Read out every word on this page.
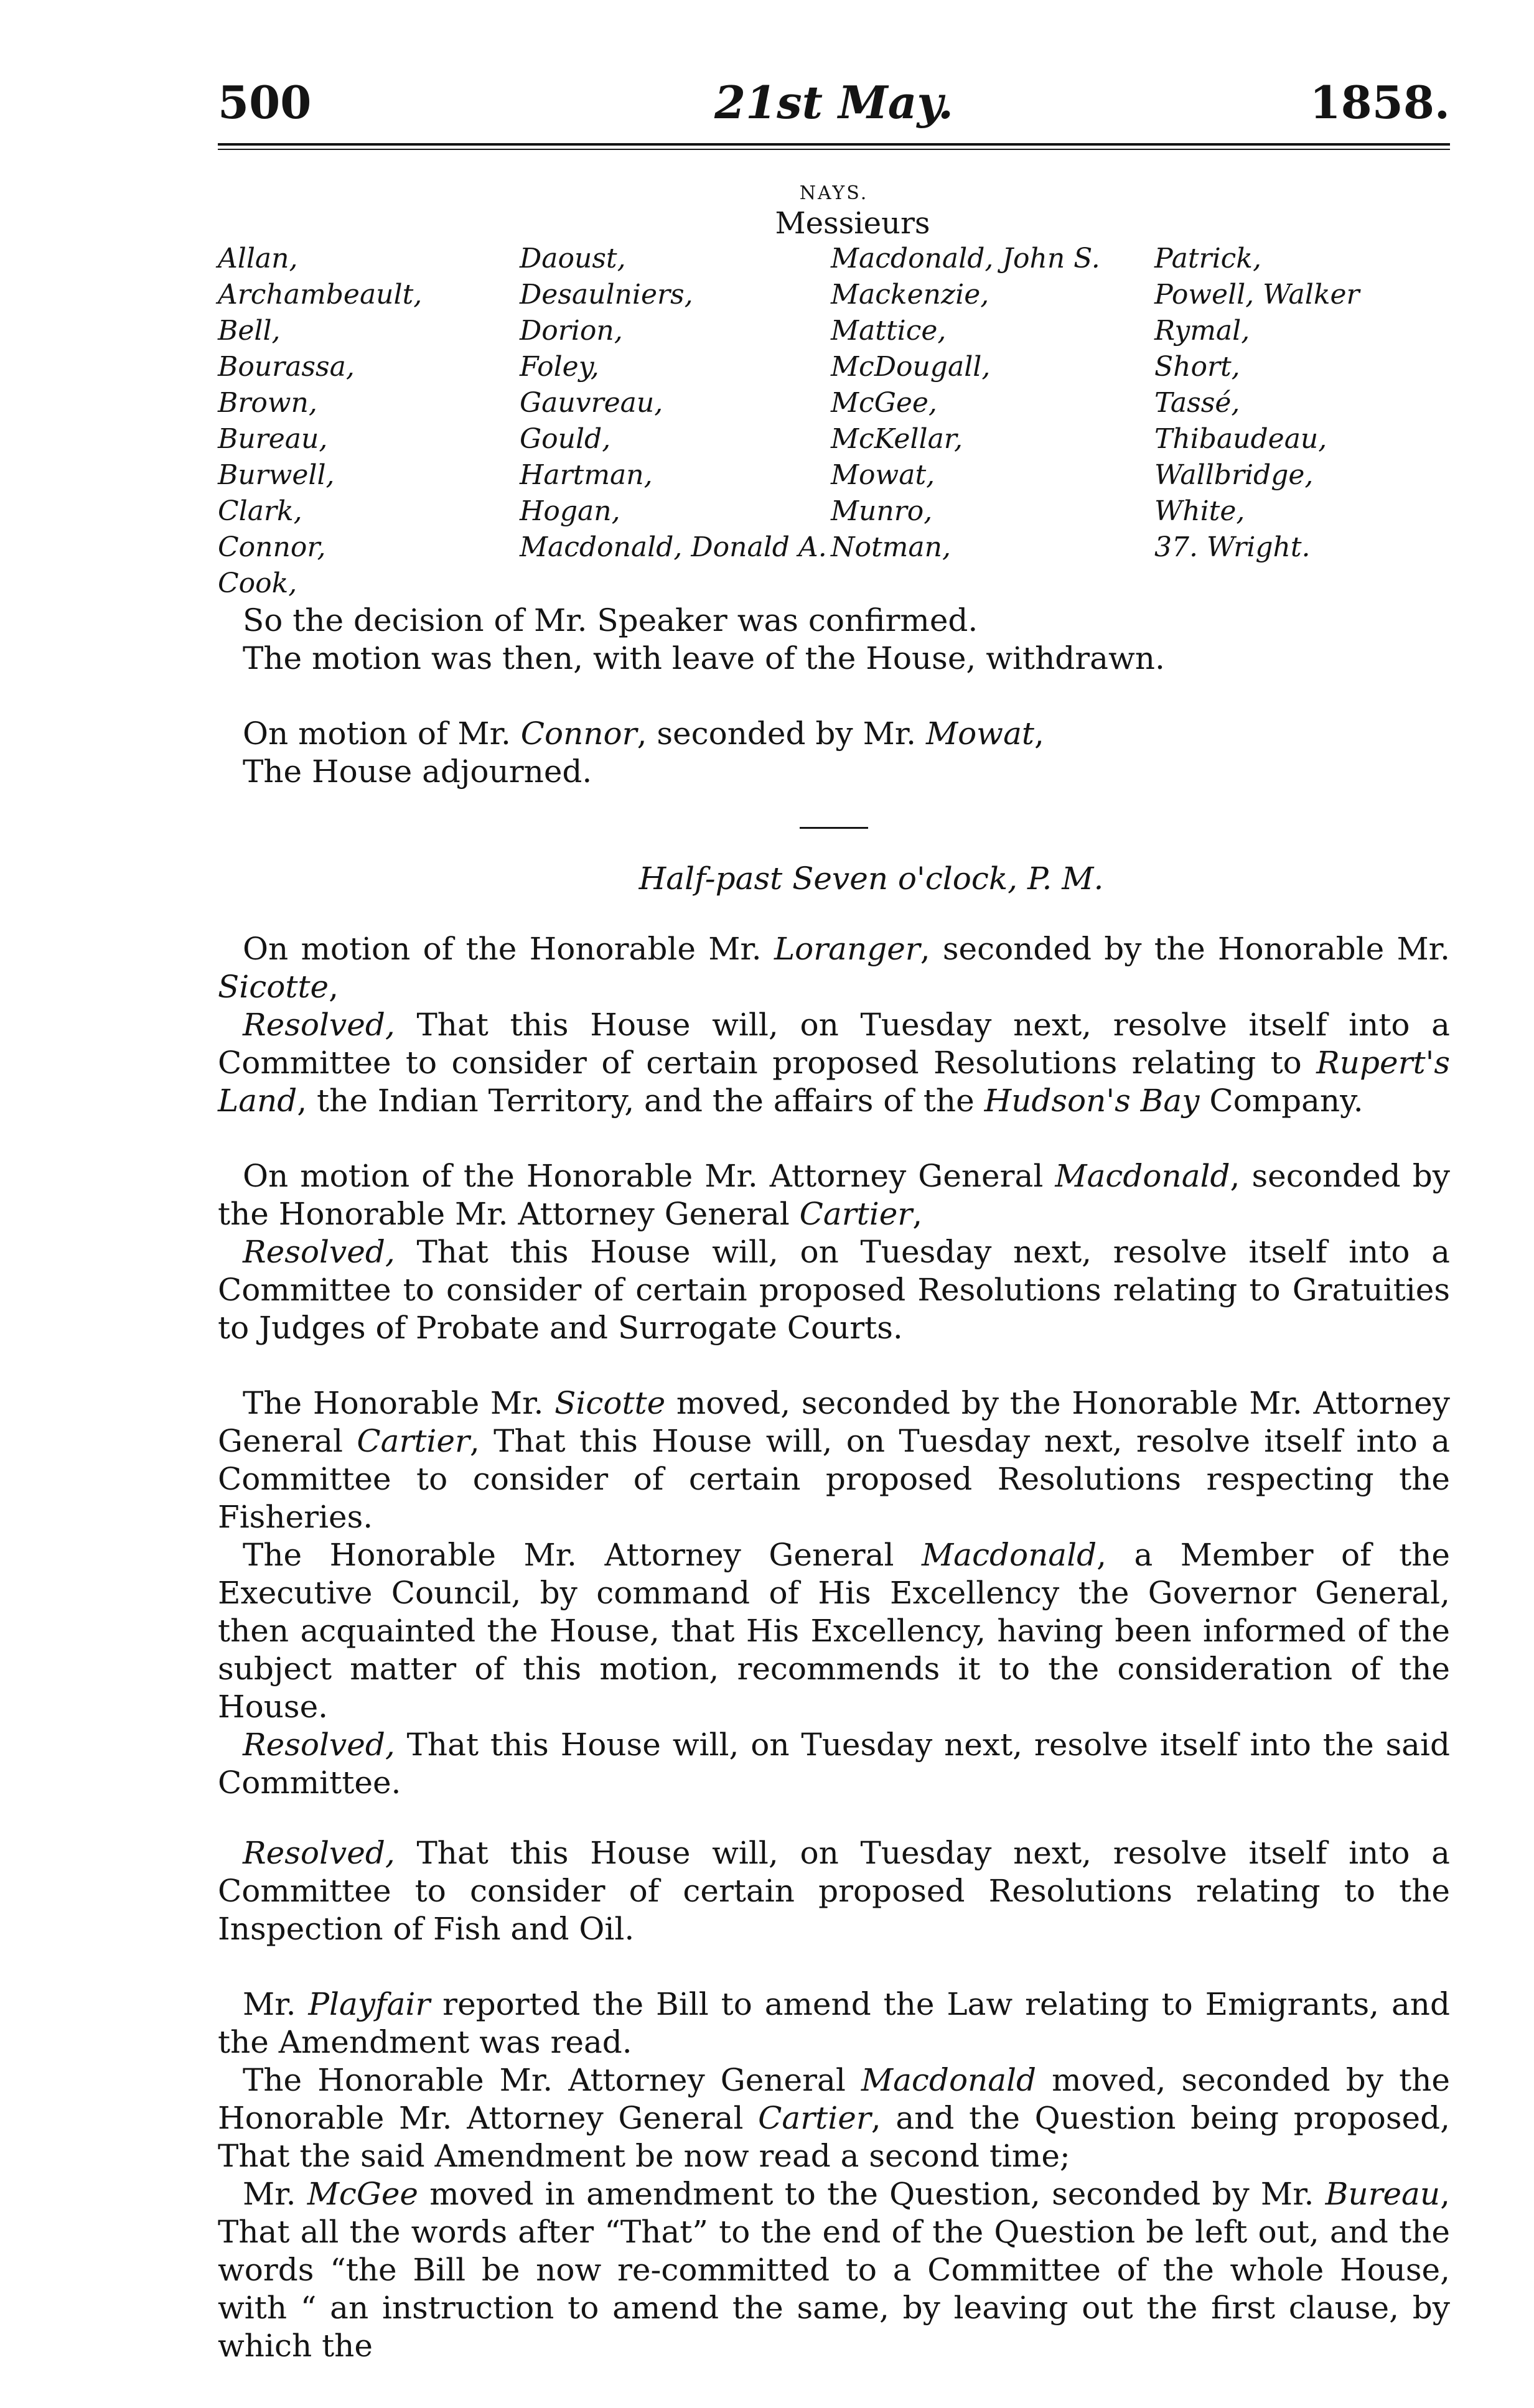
500	21st May.	1858.
NAYS.
Messieurs
Allan,
Archambeault,
Bell,
Bourassa,
Brown,
Bureau,
Burwell,
Clark,
Connor,
Cook,
Daoust,
Desaulniers,
Dorion,
Foley,
Gauvreau,
Gould,
Hartman,
Hogan,
Macdonald, Donald A.
Macdonald, John S.
Mackenzie,
Mattice,
McDougall,
McGee,
McKellar,
Mowat,
Munro,
Notman,
Patrick,
Powell, Walker
Rymal,
Short,
Tassé,
Thibaudeau,
Wallbridge,
White,
37. Wright.

So the decision of Mr. Speaker was confirmed.

The motion was then, with leave of the House, withdrawn.

On motion of Mr. Connor, seconded by Mr. Mowat,

The House adjourned.

Half-past Seven o'clock, P. M.

On motion of the Honorable Mr. Loranger, seconded by the Honorable Mr. Sicotte,

Resolved, That this House will, on Tuesday next, resolve itself into a Committee to consider of certain proposed Resolutions relating to Rupert's Land, the Indian Territory, and the affairs of the Hudson's Bay Company.

On motion of the Honorable Mr. Attorney General Macdonald, seconded by the Honorable Mr. Attorney General Cartier,

Resolved, That this House will, on Tuesday next, resolve itself into a Committee to consider of certain proposed Resolutions relating to Gratuities to Judges of Probate and Surrogate Courts.

The Honorable Mr. Sicotte moved, seconded by the Honorable Mr. Attorney General Cartier, That this House will, on Tuesday next, resolve itself into a Committee to consider of certain proposed Resolutions respecting the Fisheries.

The Honorable Mr. Attorney General Macdonald, a Member of the Executive Council, by command of His Excellency the Governor General, then acquainted the House, that His Excellency, having been informed of the subject matter of this motion, recommends it to the consideration of the House.

Resolved, That this House will, on Tuesday next, resolve itself into the said Committee.

Resolved, That this House will, on Tuesday next, resolve itself into a Committee to consider of certain proposed Resolutions relating to the Inspection of Fish and Oil.

Mr. Playfair reported the Bill to amend the Law relating to Emigrants, and the Amendment was read.

The Honorable Mr. Attorney General Macdonald moved, seconded by the Honorable Mr. Attorney General Cartier, and the Question being proposed, That the said Amendment be now read a second time;

Mr. McGee moved in amendment to the Question, seconded by Mr. Bureau, That all the words after “That” to the end of the Question be left out, and the words “the Bill be now re-committed to a Committee of the whole House, with “ an instruction to amend the same, by leaving out the first clause, by which the
